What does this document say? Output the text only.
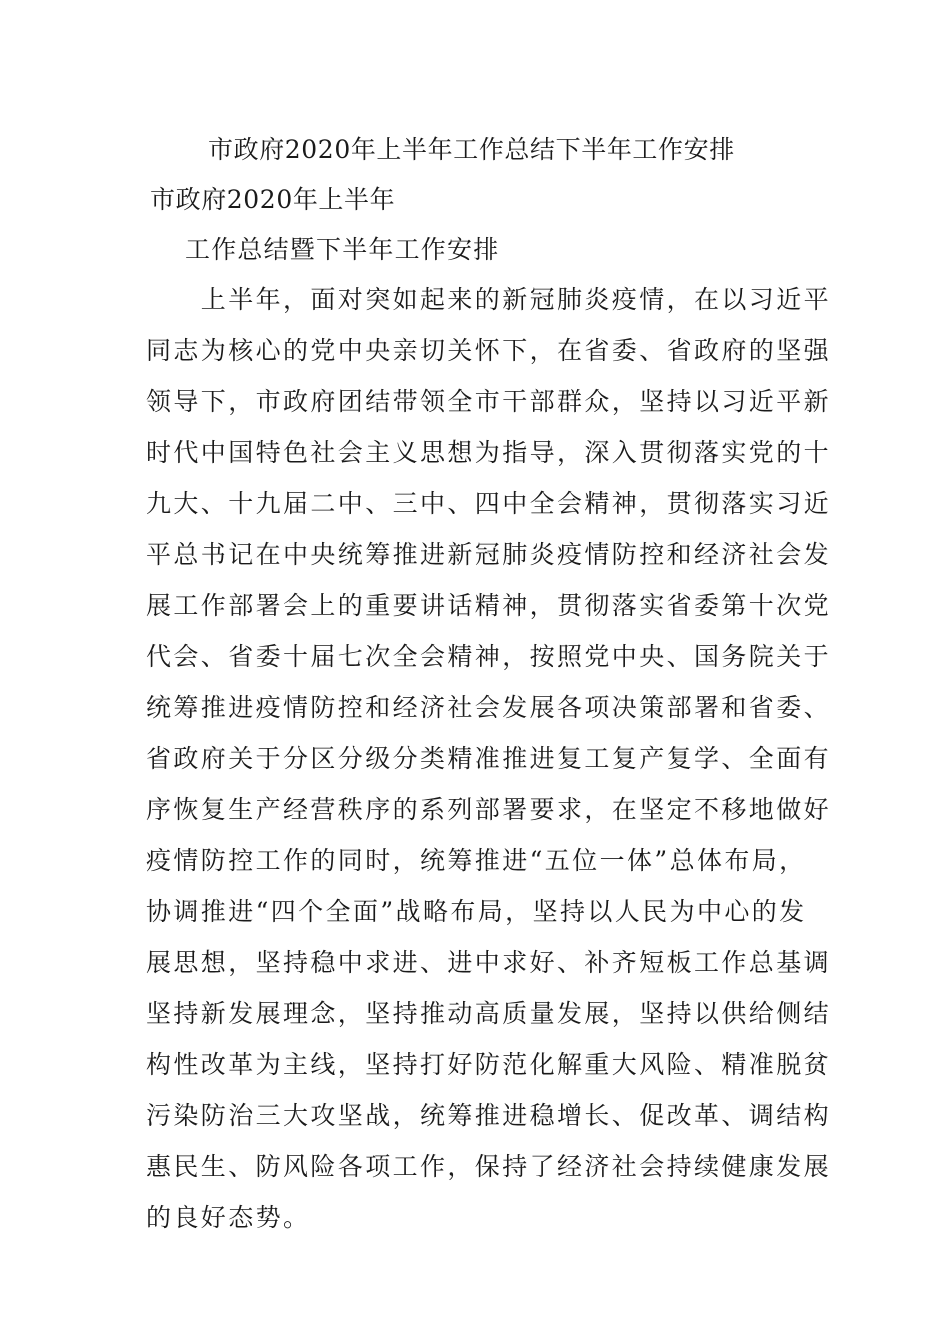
市政府2020年上半年工作总结下半年工作安排
市政府2020年上半年
工作总结暨下半年工作安排
　　上半年，面对突如起来的新冠肺炎疫情，在以习近平
同志为核心的党中央亲切关怀下，在省委、省政府的坚强
领导下，市政府团结带领全市干部群众，坚持以习近平新
时代中国特色社会主义思想为指导，深入贯彻落实党的十
九大、十九届二中、三中、四中全会精神，贯彻落实习近
平总书记在中央统筹推进新冠肺炎疫情防控和经济社会发
展工作部署会上的重要讲话精神，贯彻落实省委第十次党
代会、省委十届七次全会精神，按照党中央、国务院关于
统筹推进疫情防控和经济社会发展各项决策部署和省委、
省政府关于分区分级分类精准推进复工复产复学、全面有
序恢复生产经营秩序的系列部署要求，在坚定不移地做好
疫情防控工作的同时，统筹推进“五位一体”总体布局，
协调推进“四个全面”战略布局，坚持以人民为中心的发
展思想，坚持稳中求进、进中求好、补齐短板工作总基调
坚持新发展理念，坚持推动高质量发展，坚持以供给侧结
构性改革为主线，坚持打好防范化解重大风险、精准脱贫
污染防治三大攻坚战，统筹推进稳增长、促改革、调结构
惠民生、防风险各项工作，保持了经济社会持续健康发展
的良好态势。
